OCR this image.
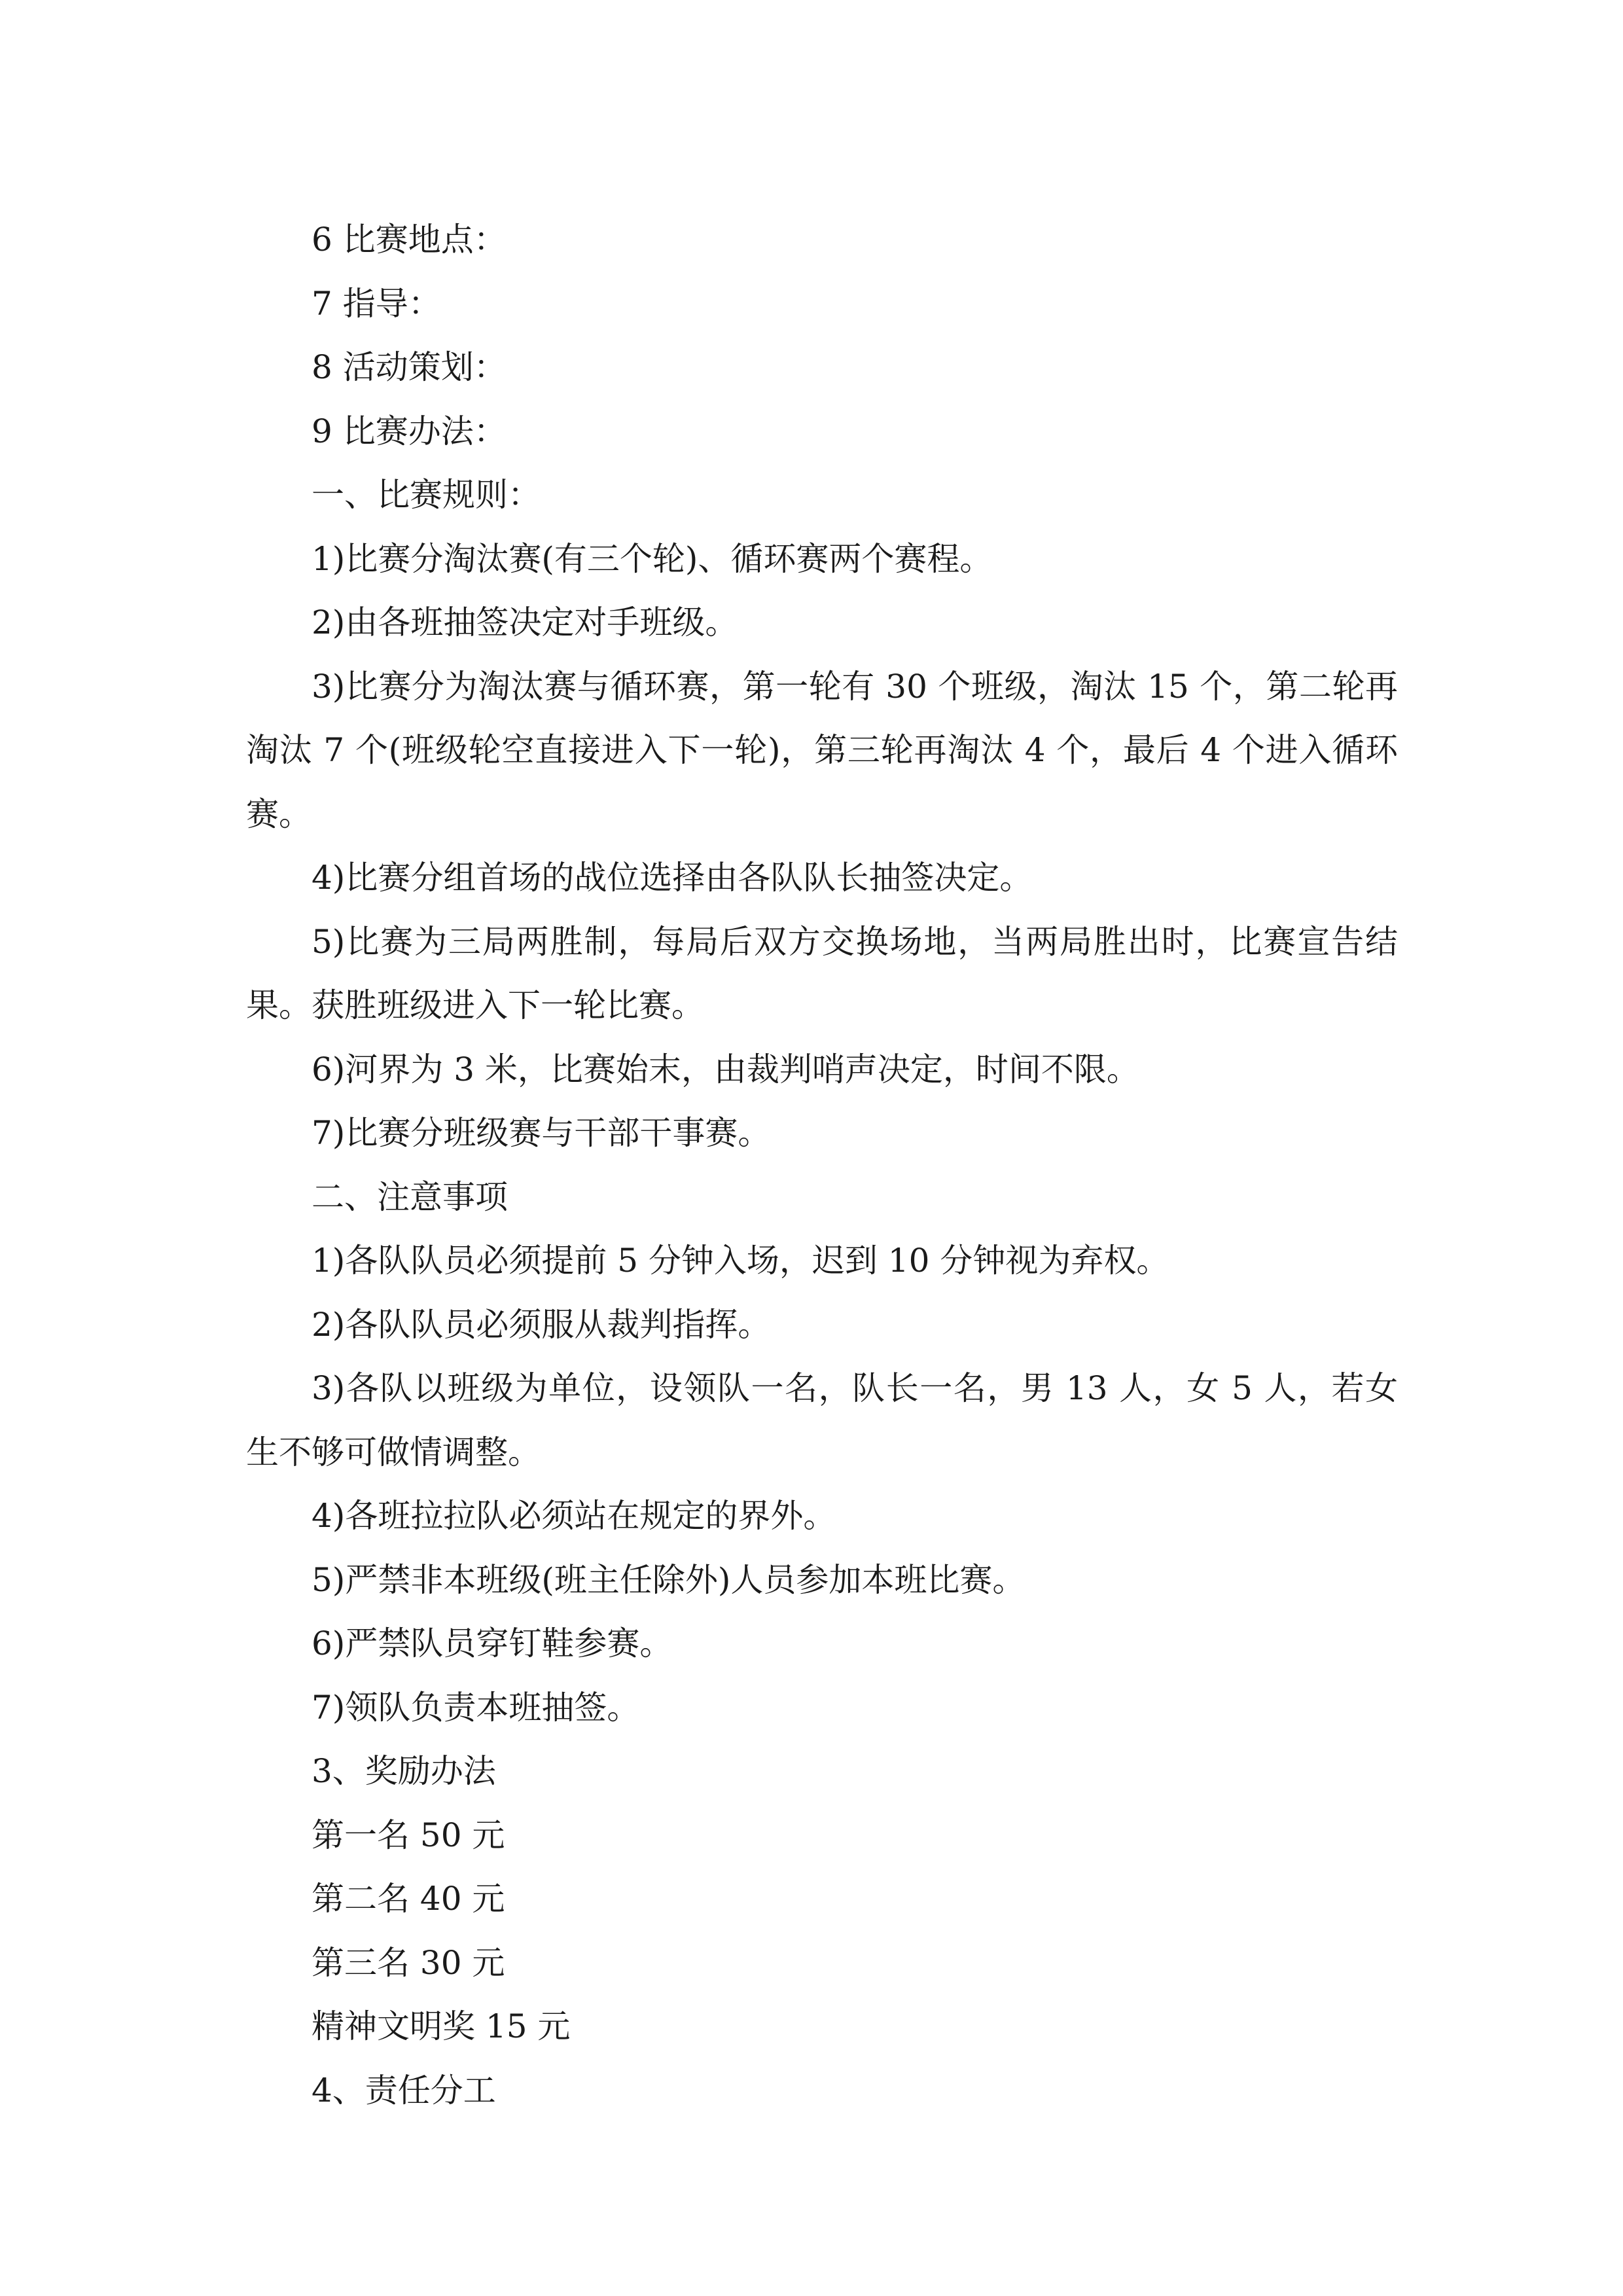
6 比赛地点：

7 指导：

8 活动策划：

9 比赛办法：

一、比赛规则：

1)比赛分淘汰赛(有三个轮)、循环赛两个赛程。

2)由各班抽签决定对手班级。

3)比赛分为淘汰赛与循环赛，第一轮有 30 个班级，淘汰 15 个，第二轮再淘汰 7 个(班级轮空直接进入下一轮)，第三轮再淘汰 4 个，最后 4 个进入循环赛。

4)比赛分组首场的战位选择由各队队长抽签决定。

5)比赛为三局两胜制，每局后双方交换场地，当两局胜出时，比赛宣告结果。获胜班级进入下一轮比赛。

6)河界为 3 米，比赛始末，由裁判哨声决定，时间不限。

7)比赛分班级赛与干部干事赛。

二、注意事项

1)各队队员必须提前 5 分钟入场，迟到 10 分钟视为弃权。

2)各队队员必须服从裁判指挥。

3)各队以班级为单位，设领队一名，队长一名，男 13 人，女 5 人，若女生不够可做情调整。

4)各班拉拉队必须站在规定的界外。

5)严禁非本班级(班主任除外)人员参加本班比赛。

6)严禁队员穿钉鞋参赛。

7)领队负责本班抽签。

3、奖励办法

第一名 50 元

第二名 40 元

第三名 30 元

精神文明奖 15 元

4、责任分工
